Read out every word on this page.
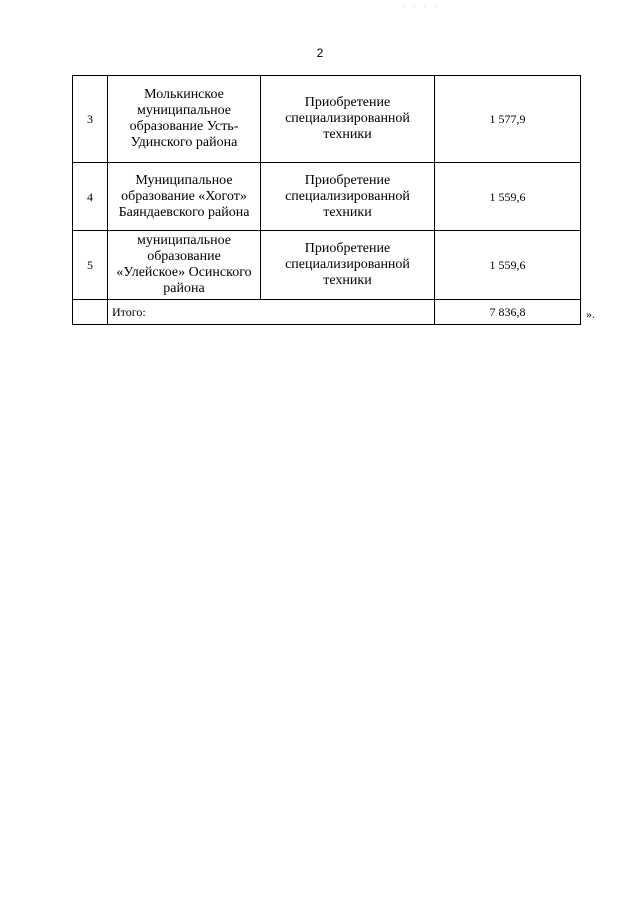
· · · ·
2
3	Молькинское муниципальное образование Усть-Удинского района	Приобретение специализированной техники	1 577,9
4	Муниципальное образование «Хогот» Баяндаевского района	Приобретение специализированной техники	1 559,6
5	муниципальное образование «Улейское» Осинского района	Приобретение специализированной техники	1 559,6
	Итого:		7 836,8	».
